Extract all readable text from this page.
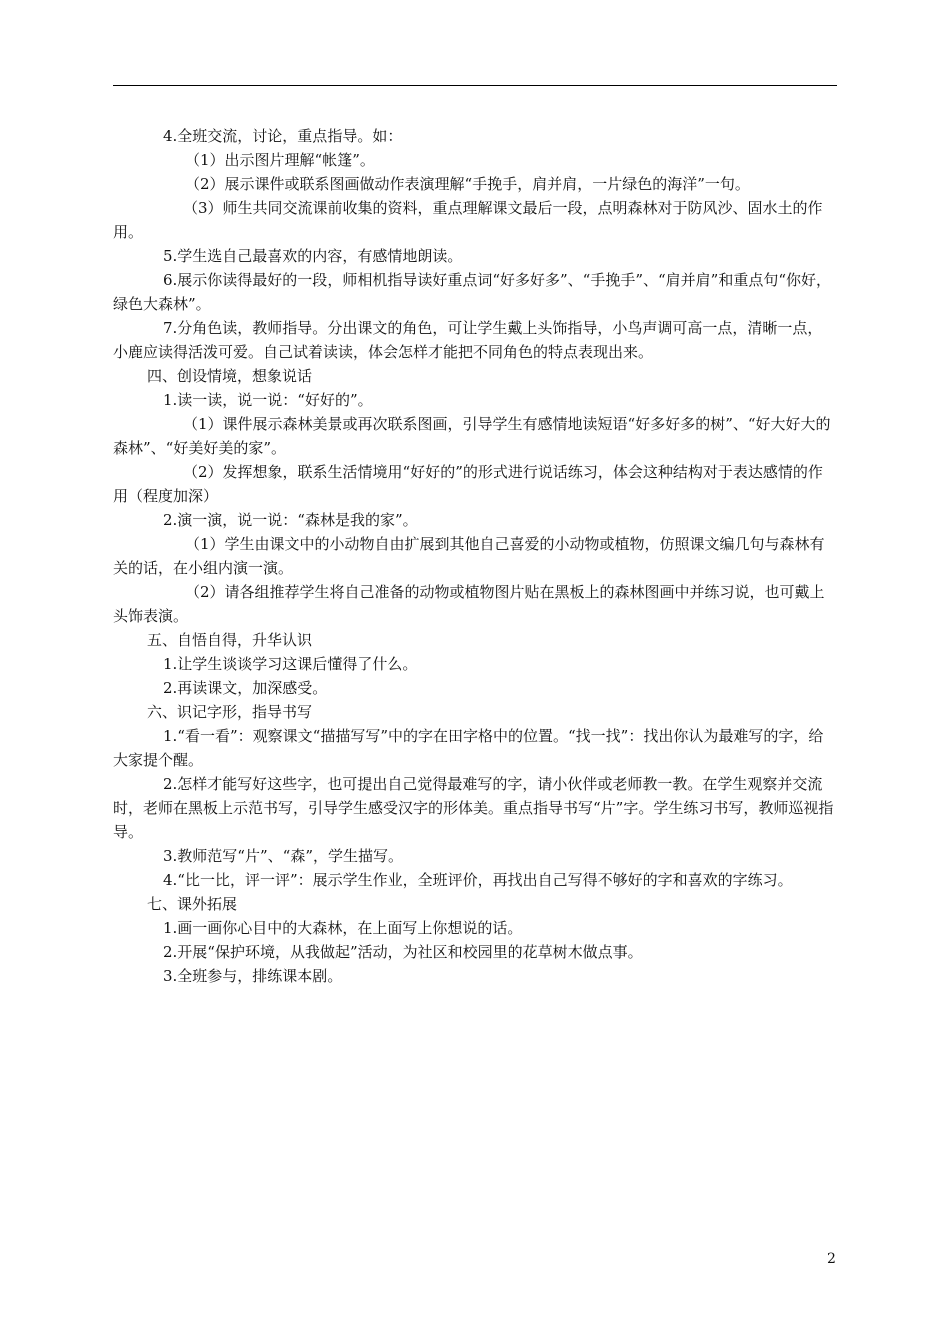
4.全班交流，讨论，重点指导。如：

（1）出示图片理解“帐篷”。

（2）展示课件或联系图画做动作表演理解“手挽手，肩并肩，一片绿色的海洋”一句。

（3）师生共同交流课前收集的资料，重点理解课文最后一段，点明森林对于防风沙、固水土的作用。

5.学生选自己最喜欢的内容，有感情地朗读。

6.展示你读得最好的一段，师相机指导读好重点词“好多好多”、“手挽手”、“肩并肩”和重点句“你好，绿色大森林”。

7.分角色读，教师指导。分出课文的角色，可让学生戴上头饰指导，小鸟声调可高一点，清晰一点，小鹿应读得活泼可爱。自己试着读读，体会怎样才能把不同角色的特点表现出来。

四、创设情境，想象说话

1.读一读，说一说：“好好的”。

（1）课件展示森林美景或再次联系图画，引导学生有感情地读短语“好多好多的树”、“好大好大的森林”、“好美好美的家”。

（2）发挥想象，联系生活情境用“好好的”的形式进行说话练习，体会这种结构对于表达感情的作用（程度加深）

2.演一演，说一说：“森林是我的家”。

（1）学生由课文中的小动物自由扩展到其他自己喜爱的小动物或植物，仿照课文编几句与森林有关的话，在小组内演一演。

（2）请各组推荐学生将自己准备的动物或植物图片贴在黑板上的森林图画中并练习说，也可戴上头饰表演。

五、自悟自得，升华认识

1.让学生谈谈学习这课后懂得了什么。

2.再读课文，加深感受。

六、识记字形，指导书写

1.“看一看”：观察课文“描描写写”中的字在田字格中的位置。“找一找”：找出你认为最难写的字，给大家提个醒。

2.怎样才能写好这些字，也可提出自己觉得最难写的字，请小伙伴或老师教一教。在学生观察并交流时，老师在黑板上示范书写，引导学生感受汉字的形体美。重点指导书写“片”字。学生练习书写，教师巡视指导。

3.教师范写“片”、“森”，学生描写。

4.“比一比，评一评”：展示学生作业，全班评价，再找出自己写得不够好的字和喜欢的字练习。

七、课外拓展

1.画一画你心目中的大森林，在上面写上你想说的话。

2.开展“保护环境，从我做起”活动，为社区和校园里的花草树木做点事。

3.全班参与，排练课本剧。

2
